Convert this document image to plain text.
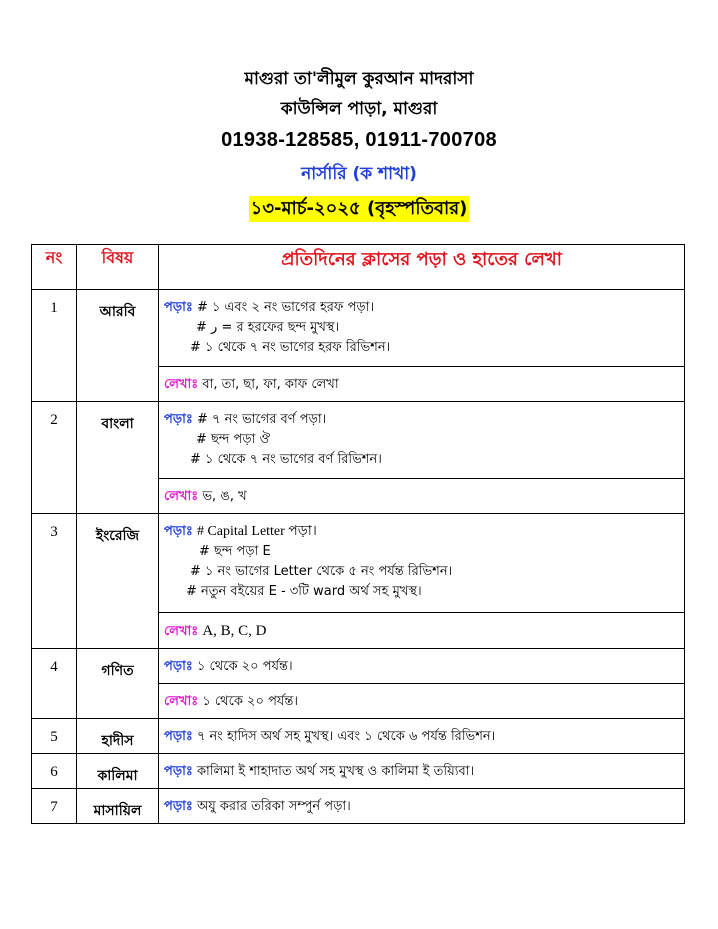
মাগুরা তা'লীমুল কুরআন মাদরাসা
কাউন্সিল পাড়া, মাগুরা
01938-128585, 01911-700708
নার্সারি (ক শাখা)
১৩-মার্চ-২০২৫ (বৃহস্পতিবার)
নং	বিষয়	প্রতিদিনের ক্লাসের পড়া ও হাতের লেখা
1	আরবি	পড়াঃ # ১ এবং ২ নং ভাগের হরফ পড়া।
# ر = র হরফের ছন্দ মুখস্থ।
# ১ থেকে ৭ নং ভাগের হরফ রিভিশন।

		লেখাঃ বা, তা, ছা, ফা, কাফ লেখা

2	বাংলা	পড়াঃ # ৭ নং ভাগের বর্ণ পড়া।
# ছন্দ পড়া ঔ
# ১ থেকে ৭ নং ভাগের বর্ণ রিভিশন।

		লেখাঃ ভ, ঙ, খ

3	ইংরেজি	পড়াঃ # Capital Letter পড়া।
# ছন্দ পড়া E
# ১ নং ভাগের Letter থেকে ৫ নং পর্যন্ত রিভিশন।
# নতুন বইয়ের E - ৩টি ward অর্থ সহ মুখস্থ।

		লেখাঃ A, B, C, D

4	গণিত	পড়াঃ ১ থেকে ২০ পর্যন্ত।

		লেখাঃ ১ থেকে ২০ পর্যন্ত।

5	হাদীস	পড়াঃ ৭ নং হাদিস অর্থ সহ মুখস্থ। এবং ১ থেকে ৬ পর্যন্ত রিভিশন।

6	কালিমা	পড়াঃ কালিমা ই শাহাদাত অর্থ সহ মুখস্থ ও কালিমা ই তয়্যিবা।

7	মাসায়িল	পড়াঃ অযু করার তরিকা সম্পুর্ন পড়া।
